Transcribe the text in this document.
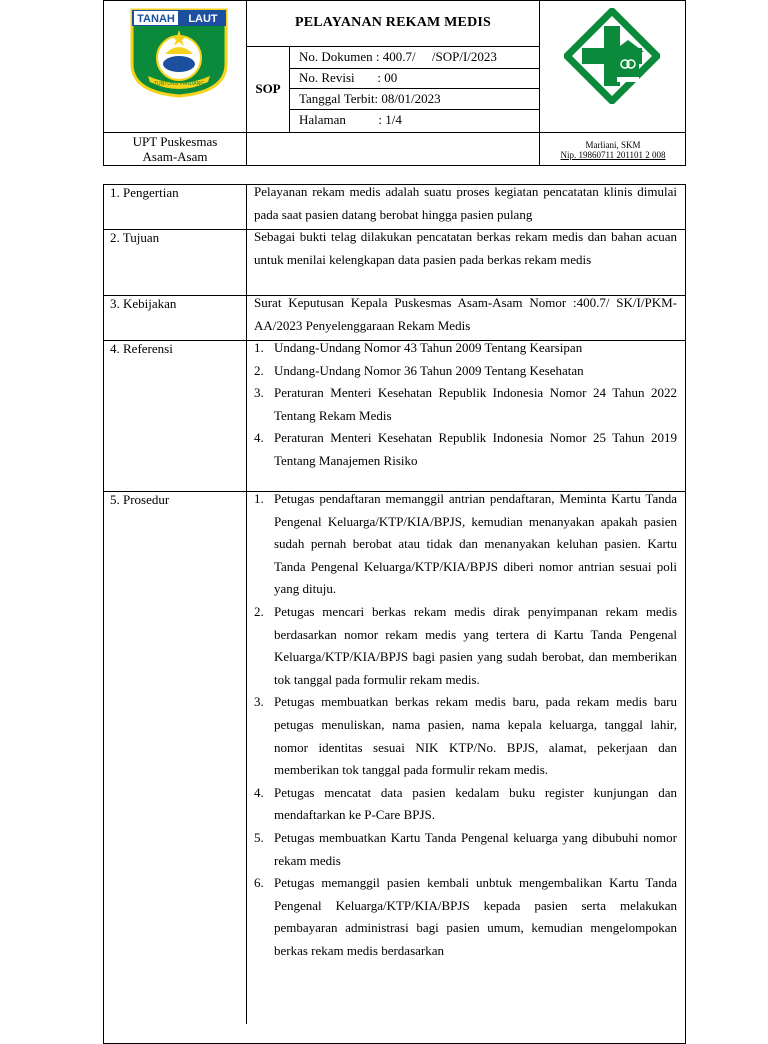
TANAH LAUT
TUNTUNG PANDANG
PELAYANAN REKAM MEDIS
SOP
No. Dokumen : 400.7/     /SOP/I/2023
No. Revisi       : 00
Tanggal Terbit: 08/01/2023
Halaman          : 1/4
UPT Puskesmas
Asam-Asam
Marliani, SKM
Nip. 19860711 201101 2 008
1. Pengertian	Pelayanan rekam medis adalah suatu proses kegiatan pencatatan klinis dimulai pada saat pasien datang berobat hingga pasien pulang
2. Tujuan	Sebagai bukti telag dilakukan pencatatan berkas rekam medis dan bahan acuan untuk menilai kelengkapan data pasien pada berkas rekam medis
3. Kebijakan	Surat Keputusan Kepala Puskesmas Asam-Asam Nomor :400.7/ SK/I/PKM-AA/2023 Penyelenggaraan Rekam Medis
4. Referensi	1. Undang-Undang Nomor 43 Tahun 2009 Tentang Kearsipan
2. Undang-Undang Nomor 36 Tahun 2009 Tentang Kesehatan
3. Peraturan Menteri Kesehatan Republik Indonesia Nomor 24 Tahun 2022 Tentang Rekam Medis
4. Peraturan Menteri Kesehatan Republik Indonesia Nomor 25 Tahun 2019 Tentang Manajemen Risiko
5. Prosedur	1. Petugas pendaftaran memanggil antrian pendaftaran, Meminta Kartu Tanda Pengenal Keluarga/KTP/KIA/BPJS, kemudian menanyakan apakah pasien sudah pernah berobat atau tidak dan menanyakan keluhan pasien. Kartu Tanda Pengenal Keluarga/KTP/KIA/BPJS diberi nomor antrian sesuai poli yang dituju.
2. Petugas mencari berkas rekam medis dirak penyimpanan rekam medis berdasarkan nomor rekam medis yang tertera di Kartu Tanda Pengenal Keluarga/KTP/KIA/BPJS bagi pasien yang sudah berobat, dan memberikan tok tanggal pada formulir rekam medis.
3. Petugas membuatkan berkas rekam medis baru, pada rekam medis baru petugas menuliskan, nama pasien, nama kepala keluarga, tanggal lahir, nomor identitas sesuai NIK KTP/No. BPJS, alamat, pekerjaan dan memberikan tok tanggal pada formulir rekam medis.
4. Petugas mencatat data pasien kedalam buku register kunjungan dan mendaftarkan ke P-Care BPJS.
5. Petugas membuatkan Kartu Tanda Pengenal keluarga yang dibubuhi nomor rekam medis
6. Petugas memanggil pasien kembali unbtuk mengembalikan Kartu Tanda Pengenal Keluarga/KTP/KIA/BPJS kepada pasien serta melakukan pembayaran administrasi bagi pasien umum, kemudian mengelompokan berkas rekam medis berdasarkan
